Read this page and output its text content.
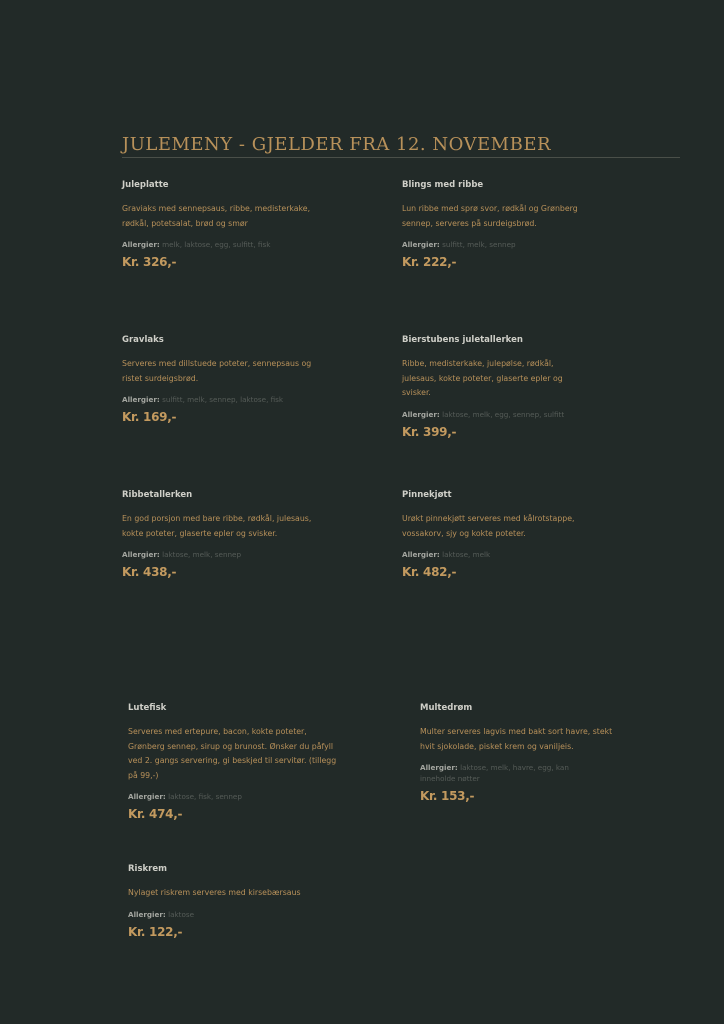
JULEMENY - GJELDER FRA 12. NOVEMBER
Juleplatte
Graviaks med sennepsaus, ribbe, medisterkake, rødkål, potetsalat, brød og smør
Allergier: melk, laktose, egg, sulfitt, fisk
Kr. 326,-
Blings med ribbe
Lun ribbe med sprø svor, rødkål og Grønberg sennep, serveres på surdeigsbrød.
Allergier: sulfitt, melk, sennep
Kr. 222,-
Gravlaks
Serveres med dillstuede poteter, sennepsaus og ristet surdeigsbrød.
Allergier: sulfitt, melk, sennep, laktose, fisk
Kr. 169,-
Bierstubens juletallerken
Ribbe, medisterkake, julepølse, rødkål, julesaus, kokte poteter, glaserte epler og svisker.
Allergier: laktose, melk, egg, sennep, sulfitt
Kr. 399,-
Ribbetallerken
En god porsjon med bare ribbe, rødkål, julesaus, kokte poteter, glaserte epler og svisker.
Allergier: laktose, melk, sennep
Kr. 438,-
Pinnekjøtt
Urøkt pinnekjøtt serveres med kålrotstappe, vossakorv, sjy og kokte poteter.
Allergier: laktose, melk
Kr. 482,-
Lutefisk
Serveres med ertepure, bacon, kokte poteter, Grønberg sennep, sirup og brunost. Ønsker du påfyll ved 2. gangs servering, gi beskjed til servitør. (tillegg på 99,-)
Allergier: laktose, fisk, sennep
Kr. 474,-
Multedrøm
Multer serveres lagvis med bakt sort havre, stekt hvit sjokolade, pisket krem og vaniljeis.
Allergier: laktose, melk, havre, egg, kan inneholde nøtter
Kr. 153,-
Riskrem
Nylaget riskrem serveres med kirsebærsaus
Allergier: laktose
Kr. 122,-
